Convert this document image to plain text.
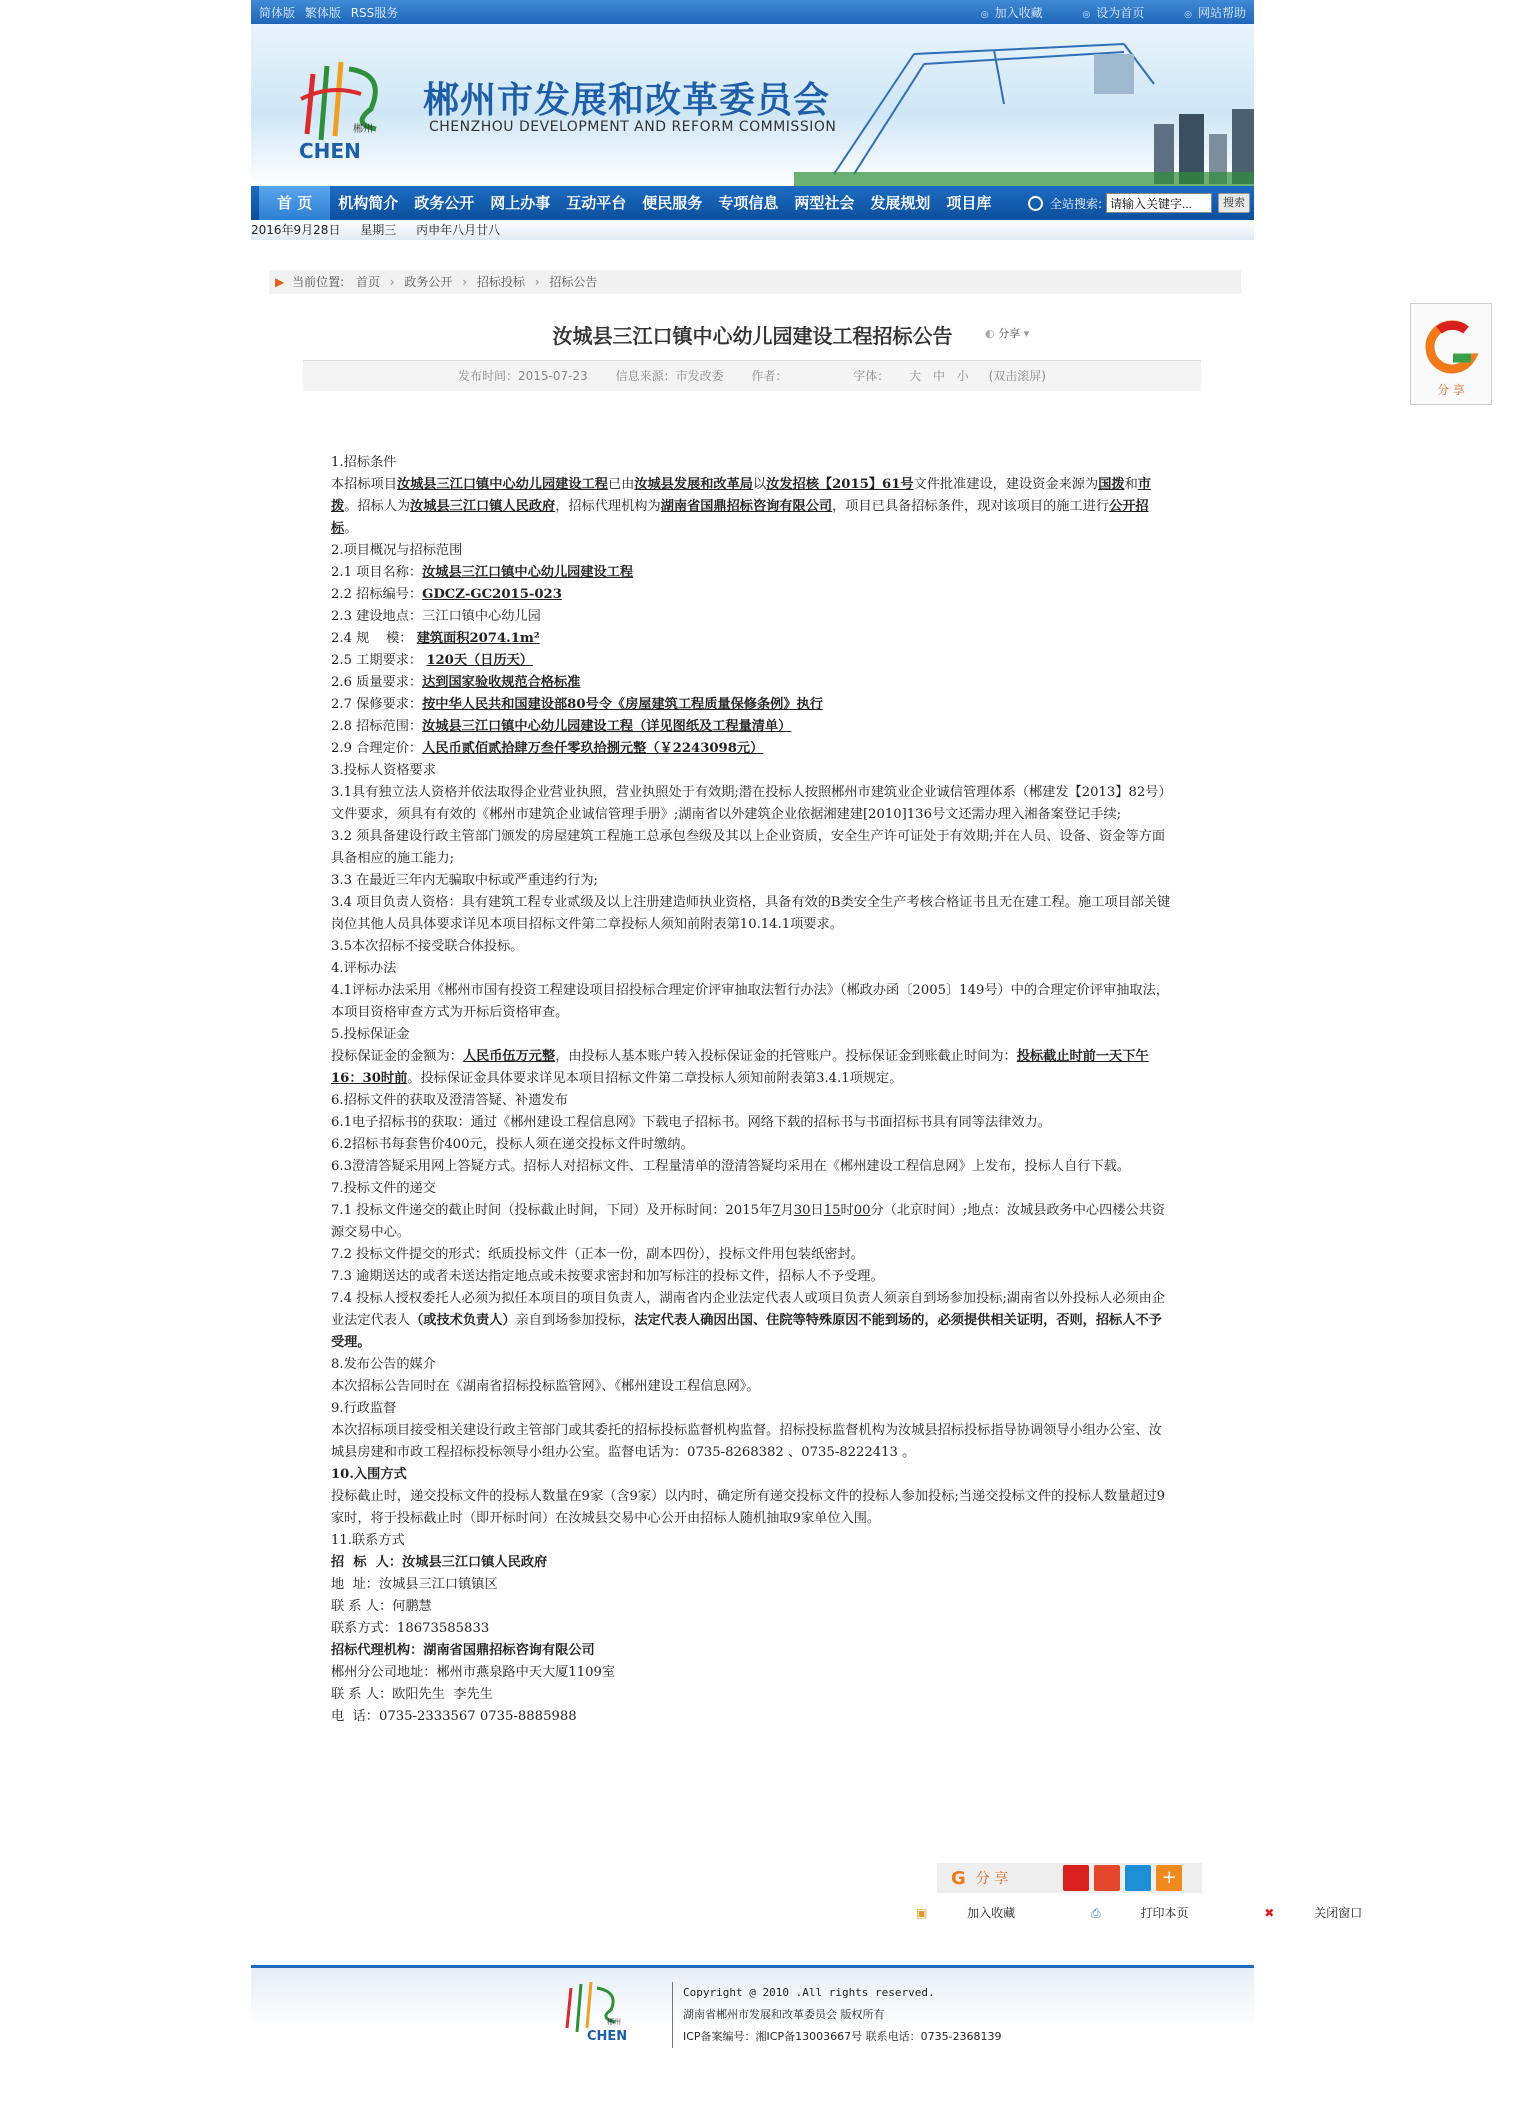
简体版 繁体版 RSS服务	◎ 加入收藏	◎ 设为首页	◎ 网站帮助
郴州
CHEN
郴州市发展和改革委员会
CHENZHOU DEVELOPMENT AND REFORM COMMISSION
首 页	机构简介	政务公开	网上办事	互动平台	便民服务	专项信息	两型社会	发展规划	项目库	全站搜索:
请输入关键字...	搜索
2016年9月28日 星期三 丙申年八月廿八
▶ 当前位置: 首页 › 政务公开 › 招标投标 › 招标公告
汝城县三江口镇中心幼儿园建设工程招标公告	◐ 分享 ▾
发布时间：2015-07-23 信息来源：市发改委 作者：	字体： 大 中 小 (双击滚屏)

1.招标条件

本招标项目汝城县三江口镇中心幼儿园建设工程已由汝城县发展和改革局以汝发招核【2015】61号文件批准建设，建设资金来源为国拨和市拨。招标人为汝城县三江口镇人民政府，招标代理机构为湖南省国鼎招标咨询有限公司，项目已具备招标条件，现对该项目的施工进行公开招标。

2.项目概况与招标范围

2.1 项目名称：汝城县三江口镇中心幼儿园建设工程

2.2 招标编号：GDCZ-GC2015-023

2.3 建设地点：三江口镇中心幼儿园

2.4 规    模： 建筑面积2074.1m²

2.5 工期要求： 120天（日历天）

2.6 质量要求：达到国家验收规范合格标准

2.7 保修要求：按中华人民共和国建设部80号令《房屋建筑工程质量保修条例》执行

2.8 招标范围：汝城县三江口镇中心幼儿园建设工程（详见图纸及工程量清单）

2.9 合理定价：人民币贰佰贰拾肆万叁仟零玖拾捌元整（￥2243098元）

3.投标人资格要求

3.1具有独立法人资格并依法取得企业营业执照，营业执照处于有效期;潜在投标人按照郴州市建筑业企业诚信管理体系（郴建发【2013】82号）文件要求，须具有有效的《郴州市建筑企业诚信管理手册》;湖南省以外建筑企业依据湘建建[2010]136号文还需办理入湘备案登记手续;

3.2 须具备建设行政主管部门颁发的房屋建筑工程施工总承包叁级及其以上企业资质，安全生产许可证处于有效期;并在人员、设备、资金等方面具备相应的施工能力;

3.3 在最近三年内无骗取中标或严重违约行为;

3.4 项目负责人资格：具有建筑工程专业贰级及以上注册建造师执业资格，具备有效的B类安全生产考核合格证书且无在建工程。施工项目部关键岗位其他人员具体要求详见本项目招标文件第二章投标人须知前附表第10.14.1项要求。

3.5本次招标不接受联合体投标。

4.评标办法

4.1评标办法采用《郴州市国有投资工程建设项目招投标合理定价评审抽取法暂行办法》（郴政办函〔2005〕149号）中的合理定价评审抽取法，本项目资格审查方式为开标后资格审查。

5.投标保证金

投标保证金的金额为：人民币伍万元整，由投标人基本账户转入投标保证金的托管账户。投标保证金到账截止时间为：投标截止时前一天下午16：30时前。投标保证金具体要求详见本项目招标文件第二章投标人须知前附表第3.4.1项规定。

6.招标文件的获取及澄清答疑、补遗发布

6.1电子招标书的获取：通过《郴州建设工程信息网》下载电子招标书。网络下载的招标书与书面招标书具有同等法律效力。

6.2招标书每套售价400元，投标人须在递交投标文件时缴纳。

6.3澄清答疑采用网上答疑方式。招标人对招标文件、工程量清单的澄清答疑均采用在《郴州建设工程信息网》上发布，投标人自行下载。

7.投标文件的递交

7.1 投标文件递交的截止时间（投标截止时间，下同）及开标时间：2015年7月30日15时00分（北京时间）;地点：汝城县政务中心四楼公共资源交易中心。

7.2 投标文件提交的形式：纸质投标文件（正本一份，副本四份），投标文件用包装纸密封。

7.3 逾期送达的或者未送达指定地点或未按要求密封和加写标注的投标文件，招标人不予受理。

7.4 投标人授权委托人必须为拟任本项目的项目负责人，湖南省内企业法定代表人或项目负责人须亲自到场参加投标;湖南省以外投标人必须由企业法定代表人（或技术负责人）亲自到场参加投标，法定代表人确因出国、住院等特殊原因不能到场的，必须提供相关证明，否则，招标人不予受理。

8.发布公告的媒介

本次招标公告同时在《湖南省招标投标监管网》、《郴州建设工程信息网》。

9.行政监督

本次招标项目接受相关建设行政主管部门或其委托的招标投标监督机构监督。招标投标监督机构为汝城县招标投标指导协调领导小组办公室、汝城县房建和市政工程招标投标领导小组办公室。监督电话为：0735-8268382 、0735-8222413 。

10.入围方式

投标截止时，递交投标文件的投标人数量在9家（含9家）以内时，确定所有递交投标文件的投标人参加投标;当递交投标文件的投标人数量超过9家时，将于投标截止时（即开标时间）在汝城县交易中心公开由招标人随机抽取9家单位入围。

11.联系方式

招  标  人：汝城县三江口镇人民政府

地  址：汝城县三江口镇镇区

联 系 人：何鹏慧

联系方式：18673585833

招标代理机构：湖南省国鼎招标咨询有限公司

郴州分公司地址：郴州市燕泉路中天大厦1109室

联 系 人：欧阳先生  李先生

电  话：0735-2333567 0735-8885988

分 享
G 分 享	+
▣	加入收藏	⎙	打印本页	✖	关闭窗口
郴州
CHEN
Copyright @ 2010 .All rights reserved.
湖南省郴州市发展和改革委员会 版权所有
ICP备案编号：湘ICP备13003667号 联系电话：0735-2368139
